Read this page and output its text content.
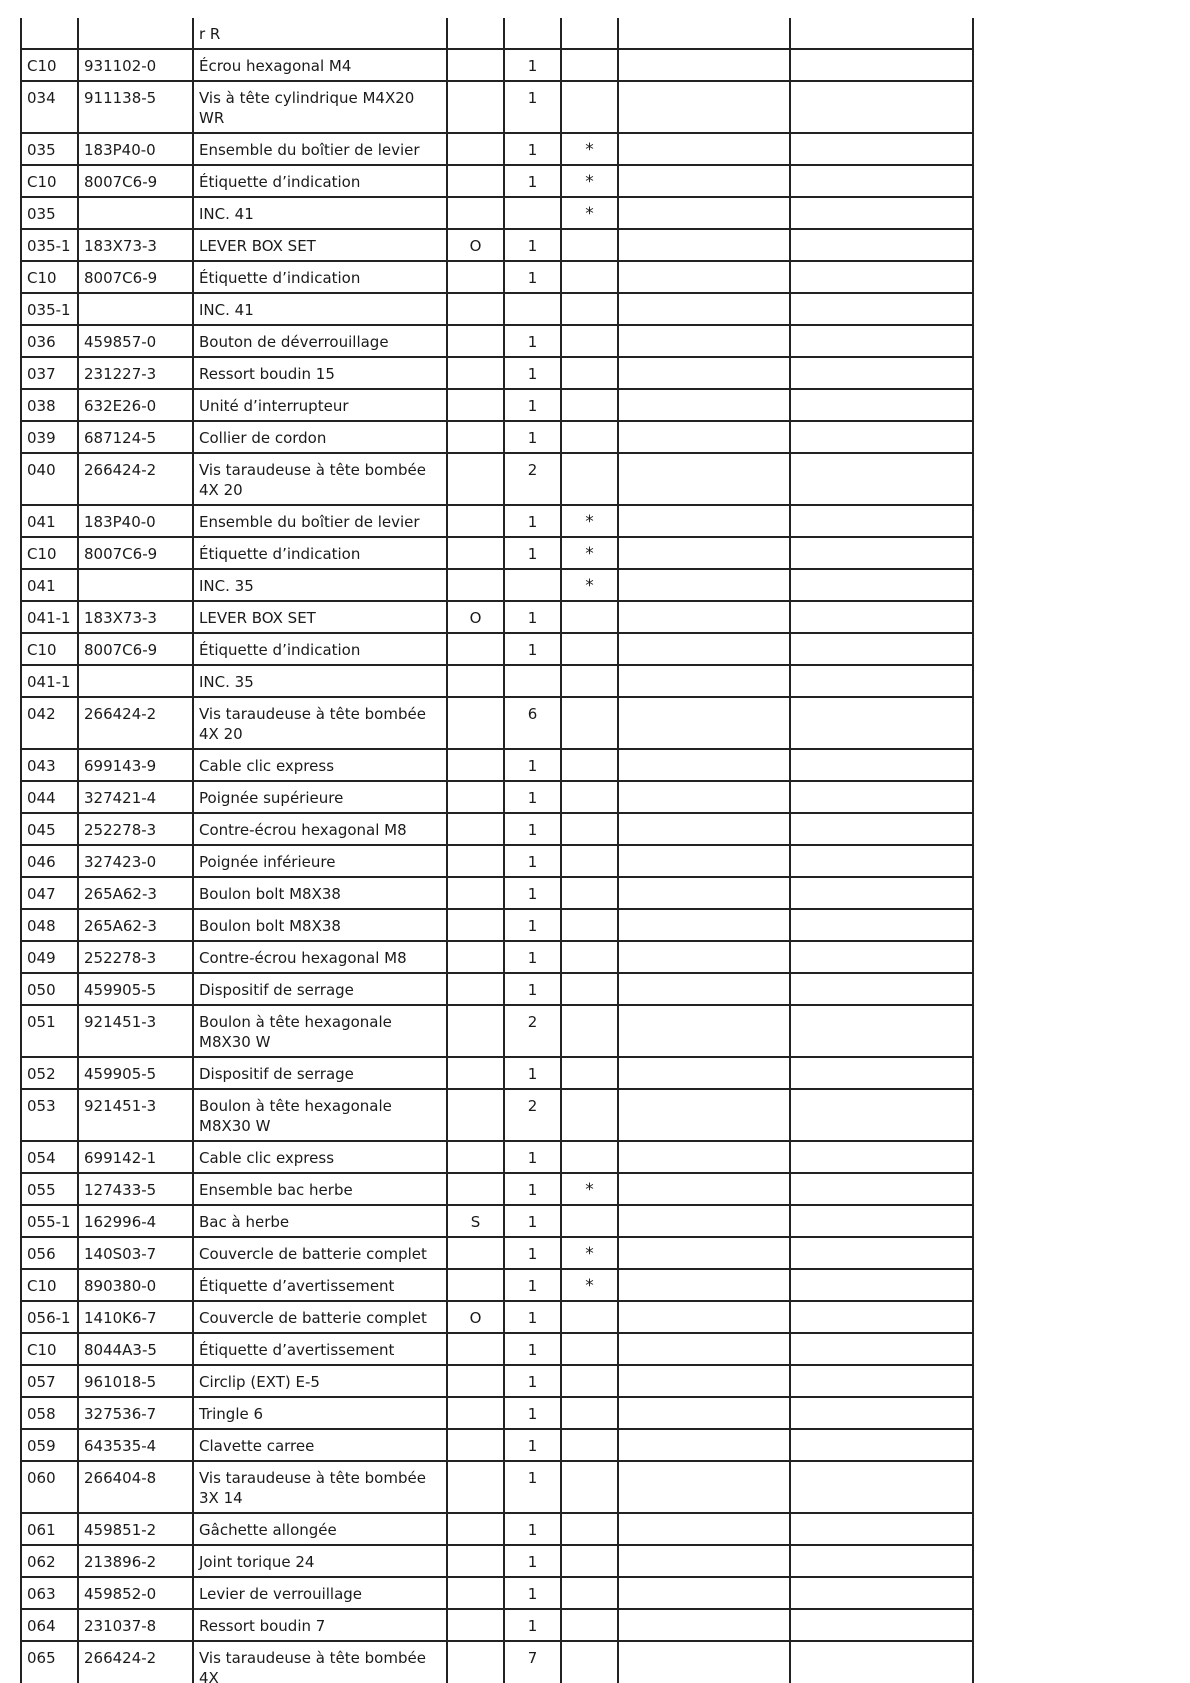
		r R					
C10	931102-0	Écrou hexagonal M4		1			
034	911138-5	Vis à tête cylindrique M4X20 WR		1			
035	183P40-0	Ensemble du boîtier de levier		1	*		
C10	8007C6-9	Étiquette d’indication		1	*		
035		INC. 41			*		
035-1	183X73-3	LEVER BOX SET	O	1			
C10	8007C6-9	Étiquette d’indication		1			
035-1		INC. 41					
036	459857-0	Bouton de déverrouillage		1			
037	231227-3	Ressort boudin 15		1			
038	632E26-0	Unité d’interrupteur		1			
039	687124-5	Collier de cordon		1			
040	266424-2	Vis taraudeuse à tête bombée 4X 20		2			
041	183P40-0	Ensemble du boîtier de levier		1	*		
C10	8007C6-9	Étiquette d’indication		1	*		
041		INC. 35			*		
041-1	183X73-3	LEVER BOX SET	O	1			
C10	8007C6-9	Étiquette d’indication		1			
041-1		INC. 35					
042	266424-2	Vis taraudeuse à tête bombée 4X 20		6			
043	699143-9	Cable clic express		1			
044	327421-4	Poignée supérieure		1			
045	252278-3	Contre-écrou hexagonal M8		1			
046	327423-0	Poignée inférieure		1			
047	265A62-3	Boulon bolt M8X38		1			
048	265A62-3	Boulon bolt M8X38		1			
049	252278-3	Contre-écrou hexagonal M8		1			
050	459905-5	Dispositif de serrage		1			
051	921451-3	Boulon à tête hexagonale M8X30 W		2			
052	459905-5	Dispositif de serrage		1			
053	921451-3	Boulon à tête hexagonale M8X30 W		2			
054	699142-1	Cable clic express		1			
055	127433-5	Ensemble bac herbe		1	*		
055-1	162996-4	Bac à herbe	S	1			
056	140S03-7	Couvercle de batterie complet		1	*		
C10	890380-0	Étiquette d’avertissement		1	*		
056-1	1410K6-7	Couvercle de batterie complet	O	1			
C10	8044A3-5	Étiquette d’avertissement		1			
057	961018-5	Circlip (EXT) E-5		1			
058	327536-7	Tringle 6		1			
059	643535-4	Clavette carree		1			
060	266404-8	Vis taraudeuse à tête bombée 3X 14		1			
061	459851-2	Gâchette allongée		1			
062	213896-2	Joint torique 24		1			
063	459852-0	Levier de verrouillage		1			
064	231037-8	Ressort boudin 7		1			
065	266424-2	Vis taraudeuse à tête bombée 4X		7			
